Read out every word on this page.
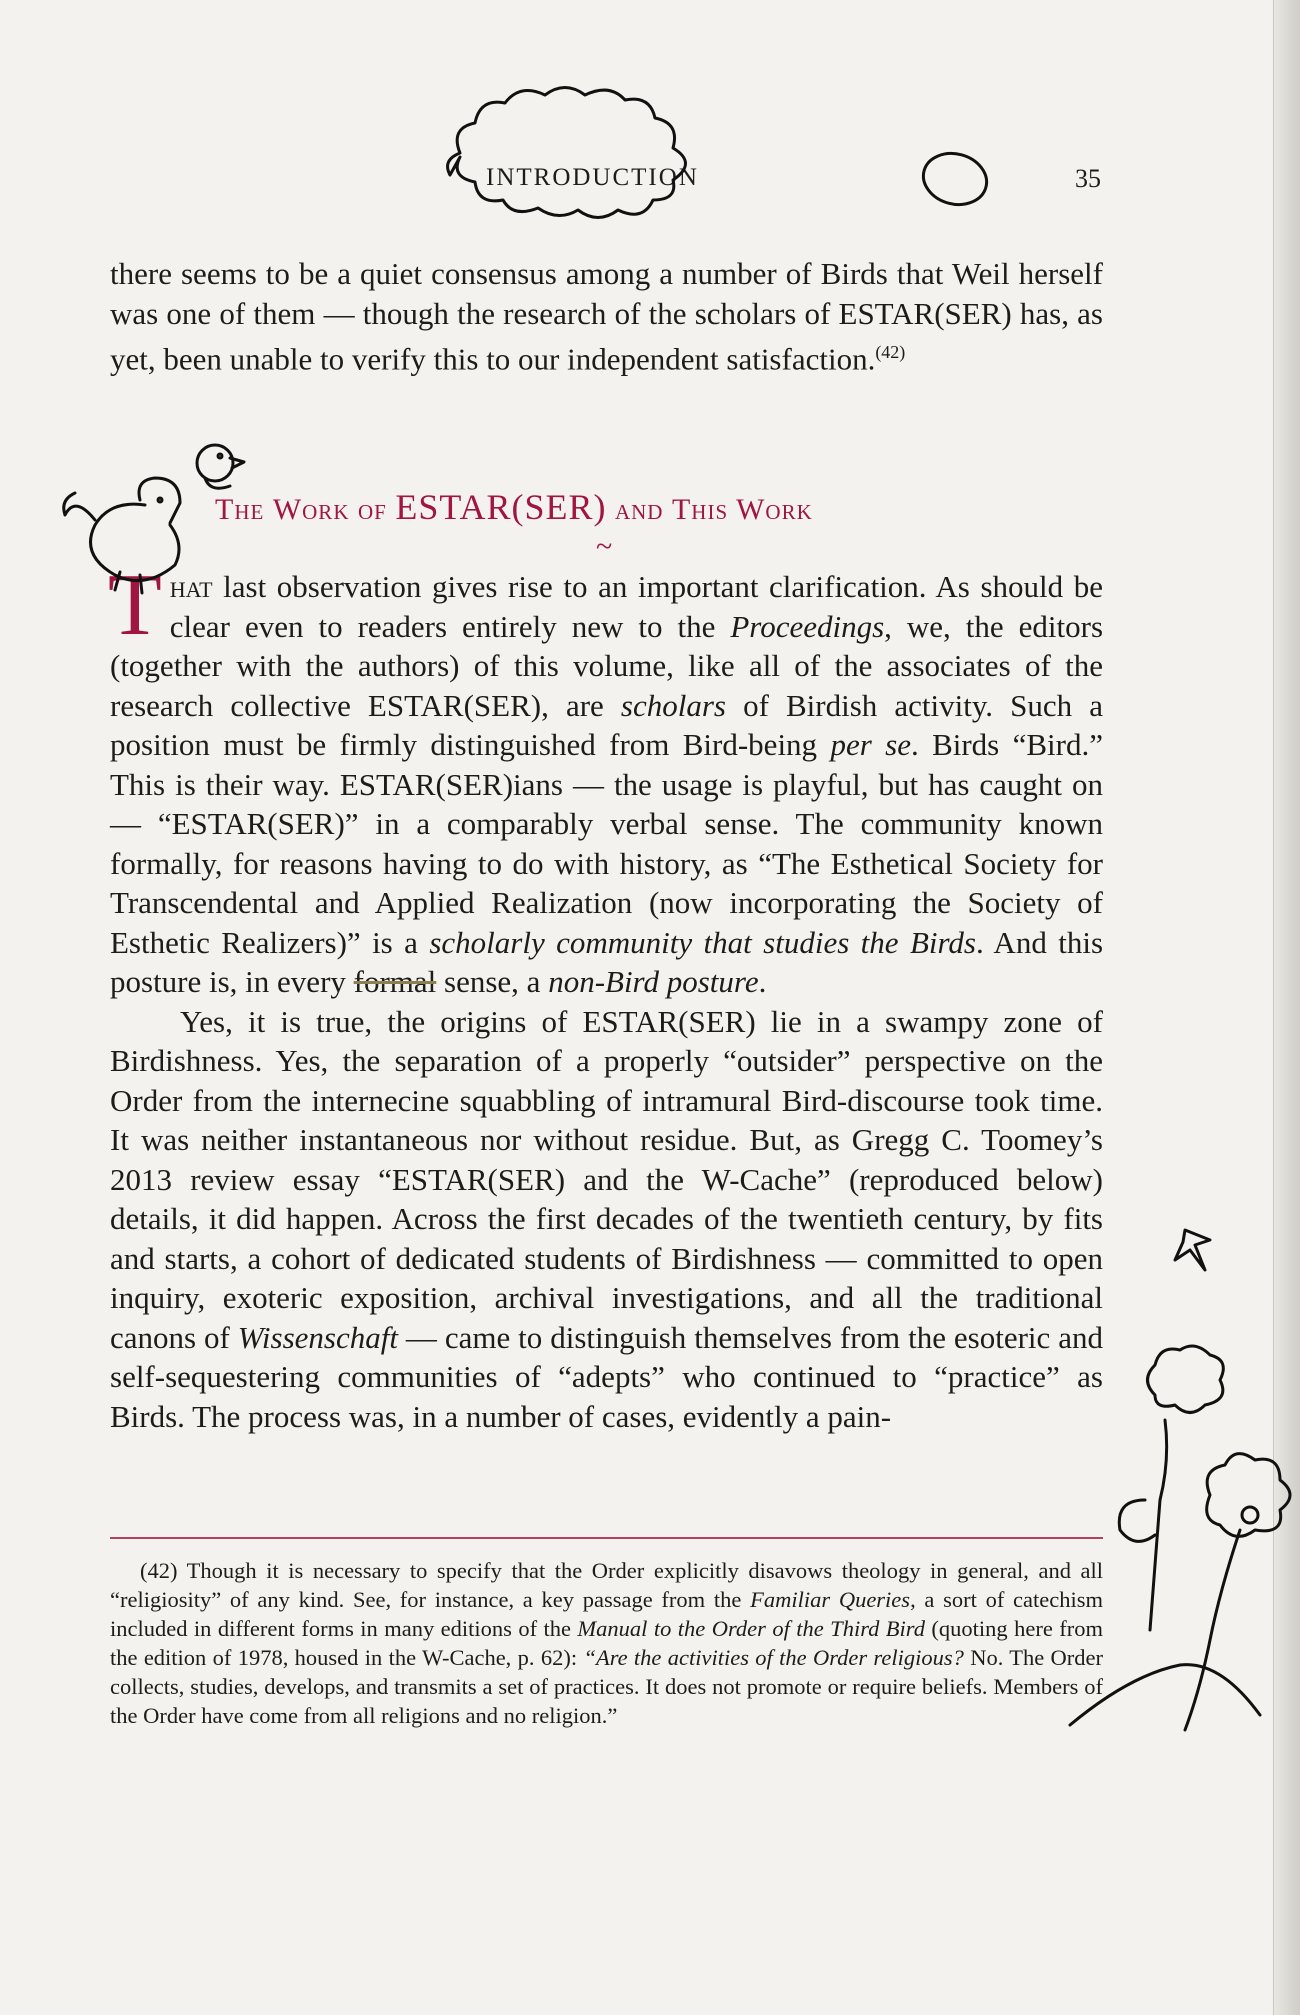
INTRODUCTION	35

there seems to be a quiet consensus among a number of Birds that Weil herself was one of them — though the research of the scholars of ESTAR(SER) has, as yet, been unable to verify this to our independent satisfaction.$^{(42)}$

The Work of ESTAR(SER) and This Work
~

That last observation gives rise to an important clarification. As should be clear even to readers entirely new to the Proceedings, we, the editors (together with the authors) of this volume, like all of the associates of the research collective ESTAR(SER), are scholars of Birdish activity. Such a position must be firmly distinguished from Bird-being per se. Birds “Bird.” This is their way. ESTAR(SER)ians — the usage is playful, but has caught on — “ESTAR(SER)” in a comparably verbal sense. The community known formally, for reasons having to do with history, as “The Esthetical Society for Transcendental and Applied Realization (now incorporating the Society of Esthetic Realizers)” is a scholarly community that studies the Birds. And this posture is, in every formal sense, a non-Bird posture.

Yes, it is true, the origins of ESTAR(SER) lie in a swampy zone of Birdishness. Yes, the separation of a properly “outsider” perspective on the Order from the internecine squabbling of intramural Bird-discourse took time. It was neither instantaneous nor without residue. But, as Gregg C. Toomey’s 2013 review essay “ESTAR(SER) and the W-Cache” (reproduced below) details, it did happen. Across the first decades of the twentieth century, by fits and starts, a cohort of dedicated students of Birdishness — committed to open inquiry, exoteric exposition, archival investigations, and all the traditional canons of Wissenschaft — came to distinguish themselves from the esoteric and self-sequestering communities of “adepts” who continued to “practice” as Birds. The process was, in a number of cases, evidently a pain-

(42) Though it is necessary to specify that the Order explicitly disavows theology in general, and all “religiosity” of any kind. See, for instance, a key passage from the Familiar Queries, a sort of catechism included in different forms in many editions of the Manual to the Order of the Third Bird (quoting here from the edition of 1978, housed in the W-Cache, p. 62): “Are the activities of the Order religious? No. The Order collects, studies, develops, and transmits a set of practices. It does not promote or require beliefs. Members of the Order have come from all religions and no religion.”
